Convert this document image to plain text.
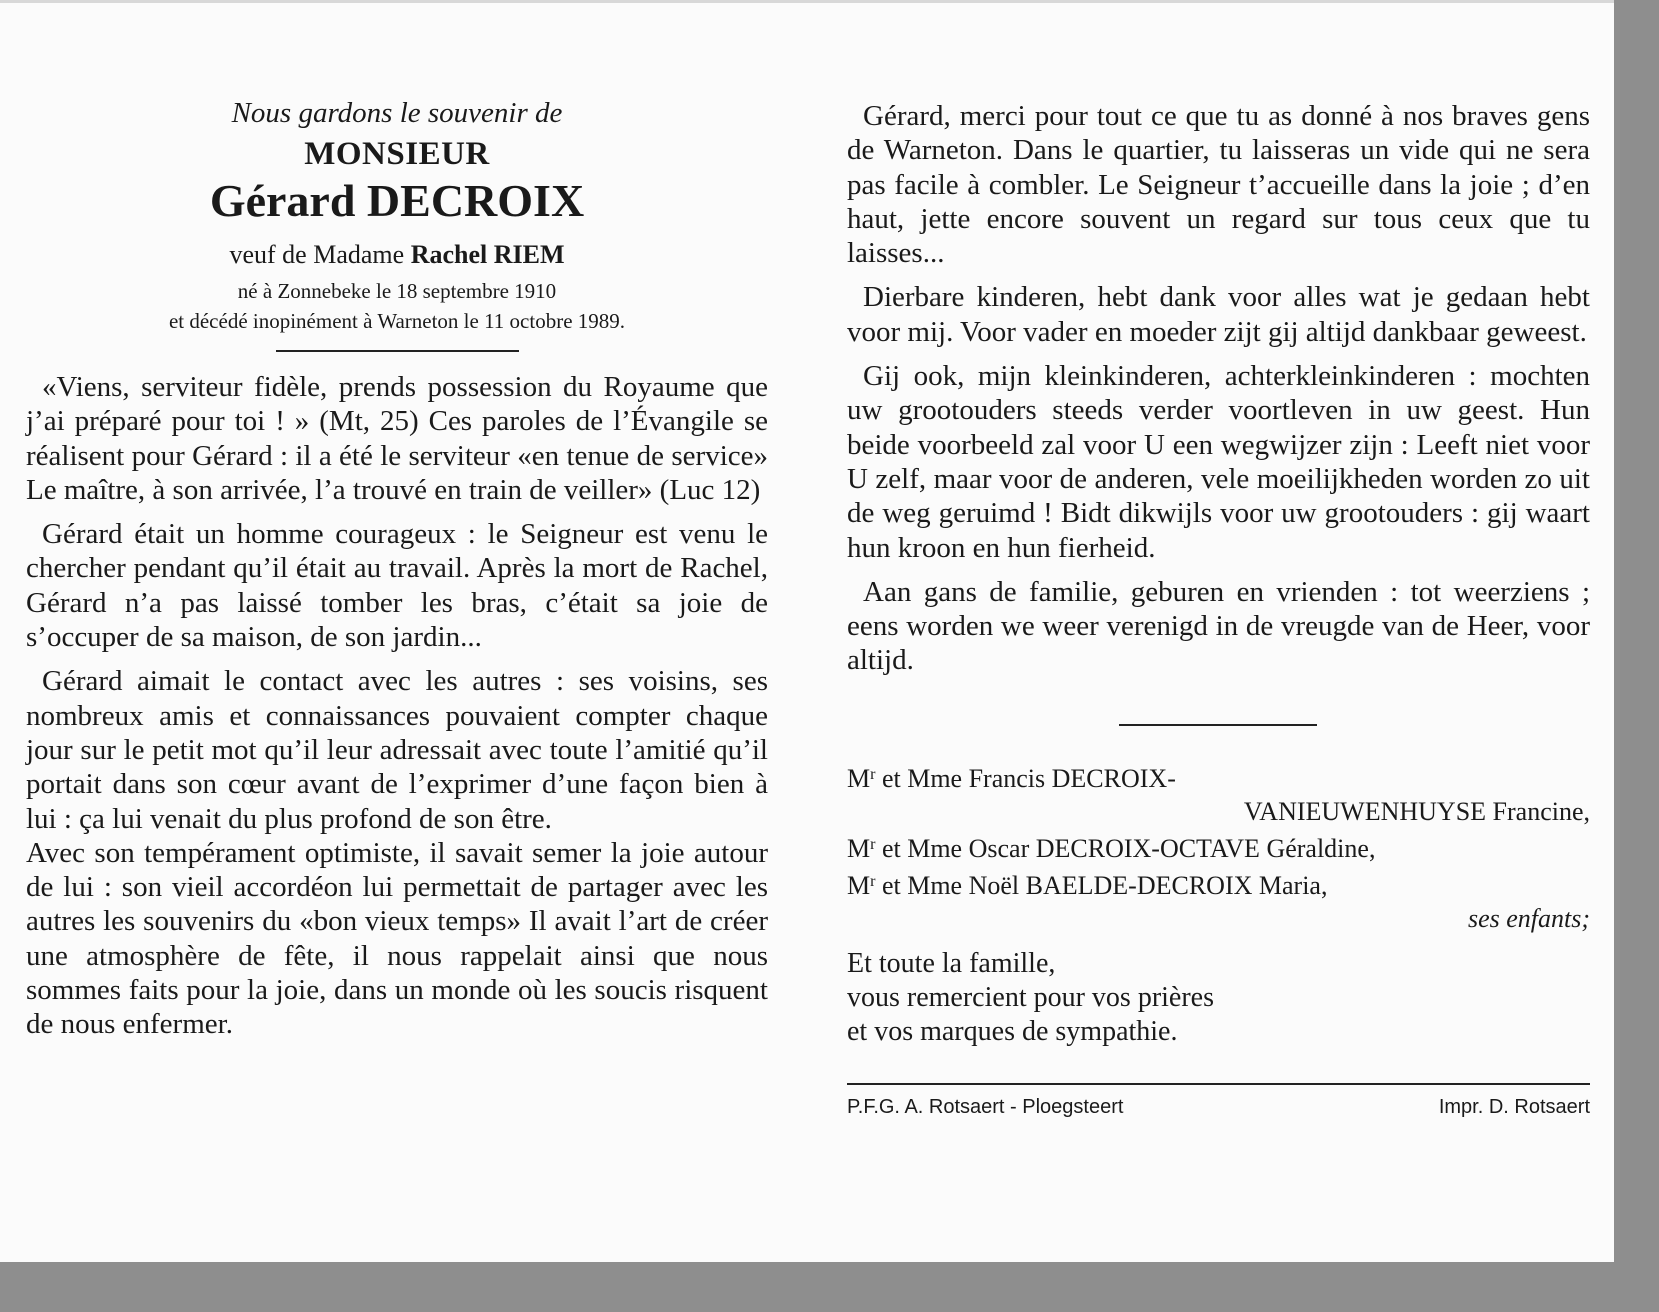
Nous gardons le souvenir de
MONSIEUR
Gérard DECROIX
veuf de Madame Rachel RIEM
né à Zonnebeke le 18 septembre 1910
et décédé inopinément à Warneton le 11 octobre 1989.

«Viens, serviteur fidèle, prends possession du Royaume que j’ai préparé pour toi ! » (Mt, 25) Ces paroles de l’Évangile se réalisent pour Gérard : il a été le serviteur «en tenue de service» Le maître, à son arrivée, l’a trouvé en train de veiller» (Luc 12)

Gérard était un homme courageux : le Seigneur est venu le chercher pendant qu’il était au travail. Après la mort de Rachel, Gérard n’a pas laissé tomber les bras, c’était sa joie de s’occuper de sa maison, de son jardin...

Gérard aimait le contact avec les autres : ses voisins, ses nombreux amis et connaissances pouvaient compter chaque jour sur le petit mot qu’il leur adressait avec toute l’amitié qu’il portait dans son cœur avant de l’exprimer d’une façon bien à lui : ça lui venait du plus profond de son être.

Avec son tempérament optimiste, il savait semer la joie autour de lui : son vieil accordéon lui permettait de partager avec les autres les souvenirs du «bon vieux temps» Il avait l’art de créer une atmosphère de fête, il nous rappelait ainsi que nous sommes faits pour la joie, dans un monde où les soucis risquent de nous enfermer.

Gérard, merci pour tout ce que tu as donné à nos braves gens de Warneton. Dans le quartier, tu laisseras un vide qui ne sera pas facile à combler. Le Seigneur t’accueille dans la joie ; d’en haut, jette encore souvent un regard sur tous ceux que tu laisses...

Dierbare kinderen, hebt dank voor alles wat je gedaan hebt voor mij. Voor vader en moeder zijt gij altijd dankbaar geweest.

Gij ook, mijn kleinkinderen, achterkleinkinderen : mochten uw grootouders steeds verder voortleven in uw geest. Hun beide voorbeeld zal voor U een wegwijzer zijn : Leeft niet voor U zelf, maar voor de anderen, vele moeilijkheden worden zo uit de weg geruimd ! Bidt dikwijls voor uw grootouders : gij waart hun kroon en hun fierheid.

Aan gans de familie, geburen en vrienden : tot weerziens ; eens worden we weer verenigd in de vreugde van de Heer, voor altijd.

$M^r$ et Mme Francis DECROIX-
VANIEUWENHUYSE Francine,
$M^r$ et Mme Oscar DECROIX-OCTAVE Géraldine,
$M^r$ et Mme Noël BAELDE-DECROIX Maria,
ses enfants;
Et toute la famille,
vous remercient pour vos prières
et vos marques de sympathie.
P.F.G. A. Rotsaert - Ploegsteert	Impr. D. Rotsaert
